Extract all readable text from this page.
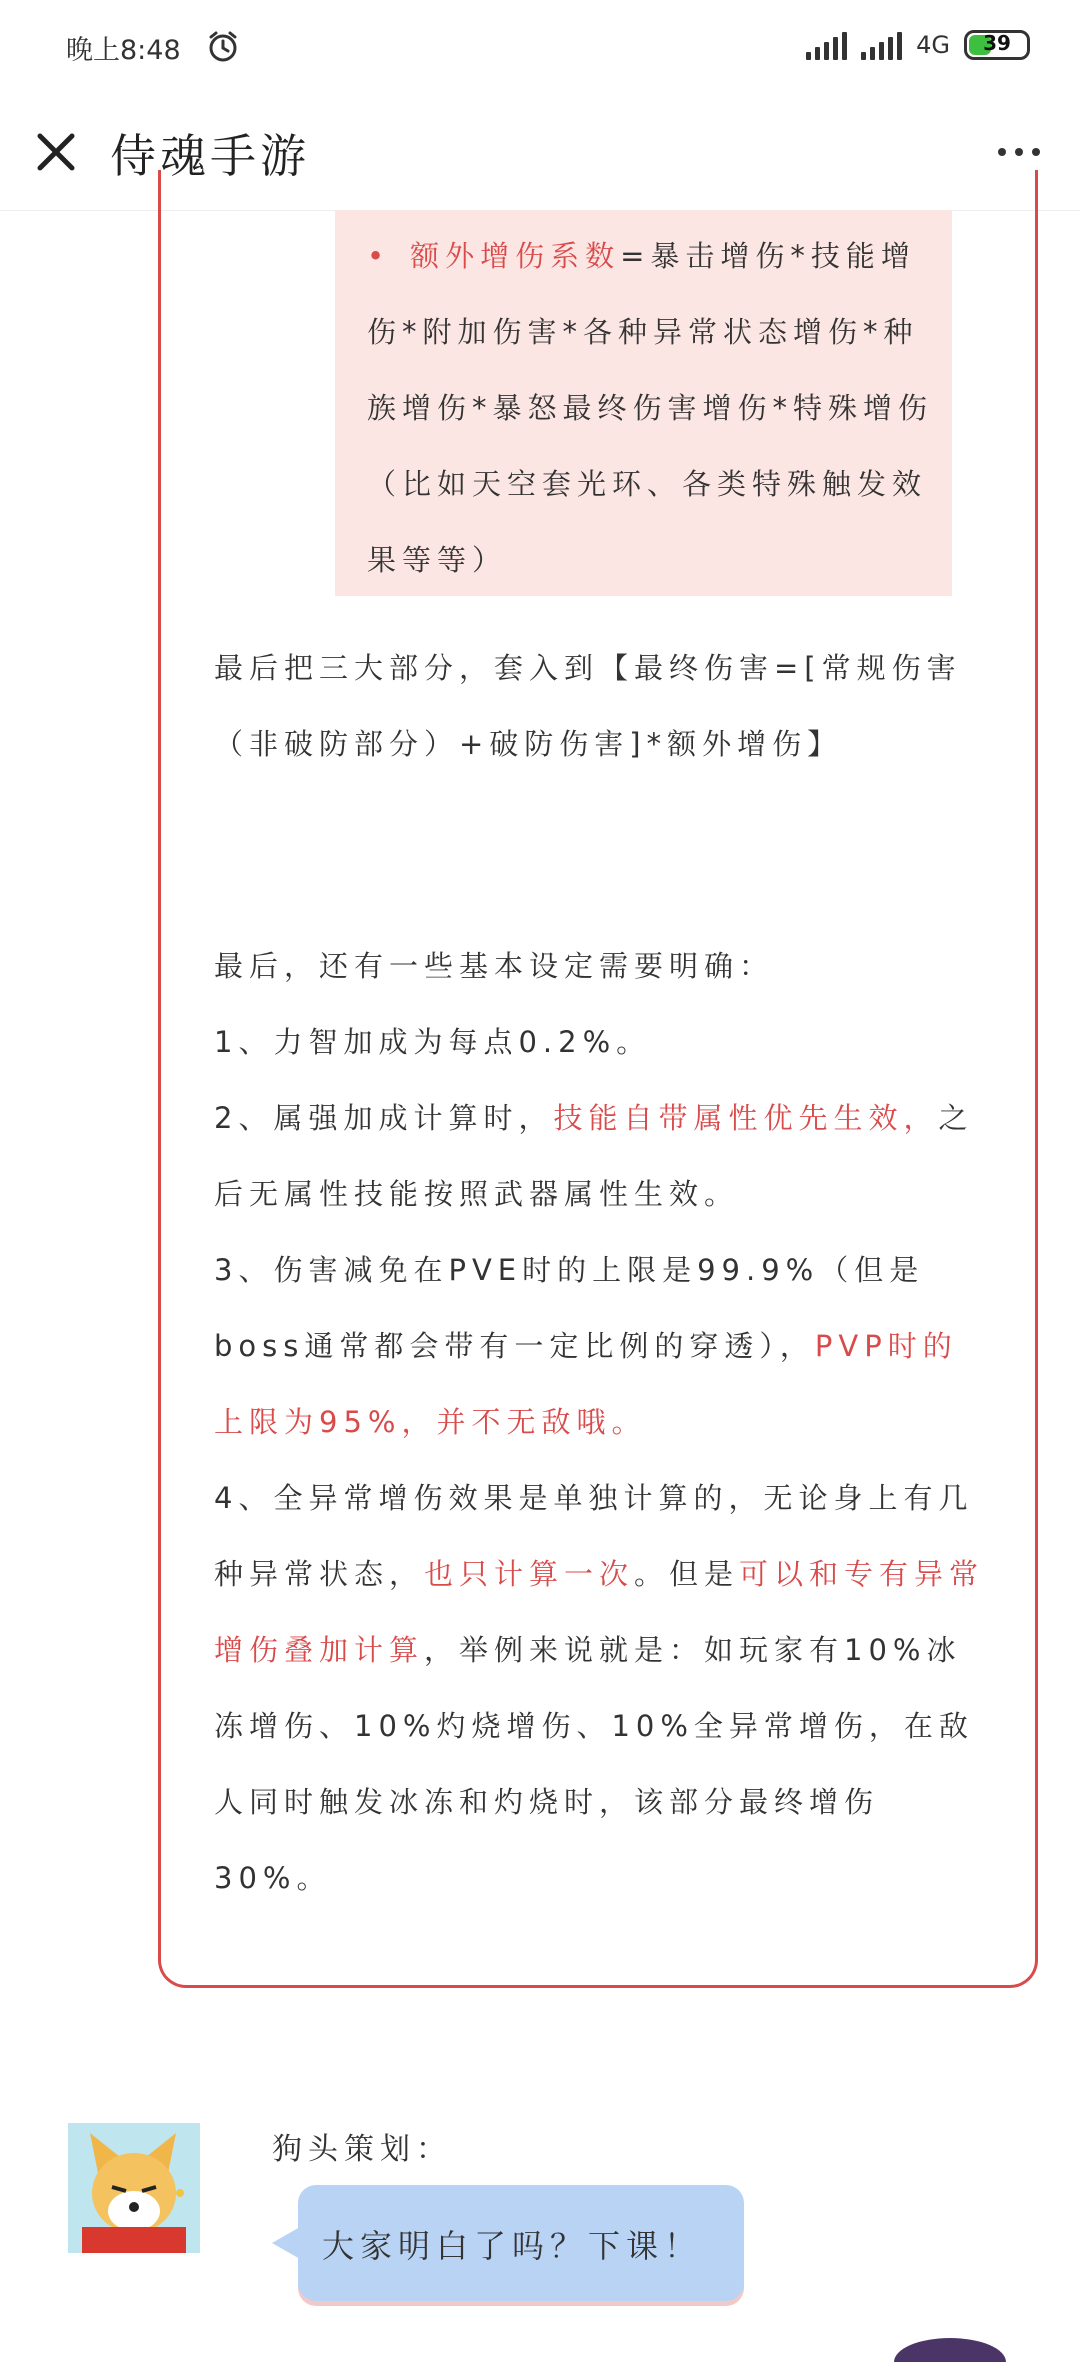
晚上8:48	4G	39
侍魂手游
• 额外增伤系数=暴击增伤*技能增伤*附加伤害*各种异常状态增伤*种族增伤*暴怒最终伤害增伤*特殊增伤（比如天空套光环、各类特殊触发效果等等）
最后把三大部分，套入到【最终伤害=[常规伤害（非破防部分）+破防伤害]*额外增伤】
最后，还有一些基本设定需要明确：
1、力智加成为每点0.2%。
2、属强加成计算时，技能自带属性优先生效，之后无属性技能按照武器属性生效。
3、伤害减免在PVE时的上限是99.9%（但是boss通常都会带有一定比例的穿透），PVP时的上限为95%，并不无敌哦。
4、全异常增伤效果是单独计算的，无论身上有几种异常状态，也只计算一次。但是可以和专有异常增伤叠加计算，举例来说就是：如玩家有10%冰冻增伤、10%灼烧增伤、10%全异常增伤，在敌人同时触发冰冻和灼烧时，该部分最终增伤30%。
狗头策划：
大家明白了吗？下课！
